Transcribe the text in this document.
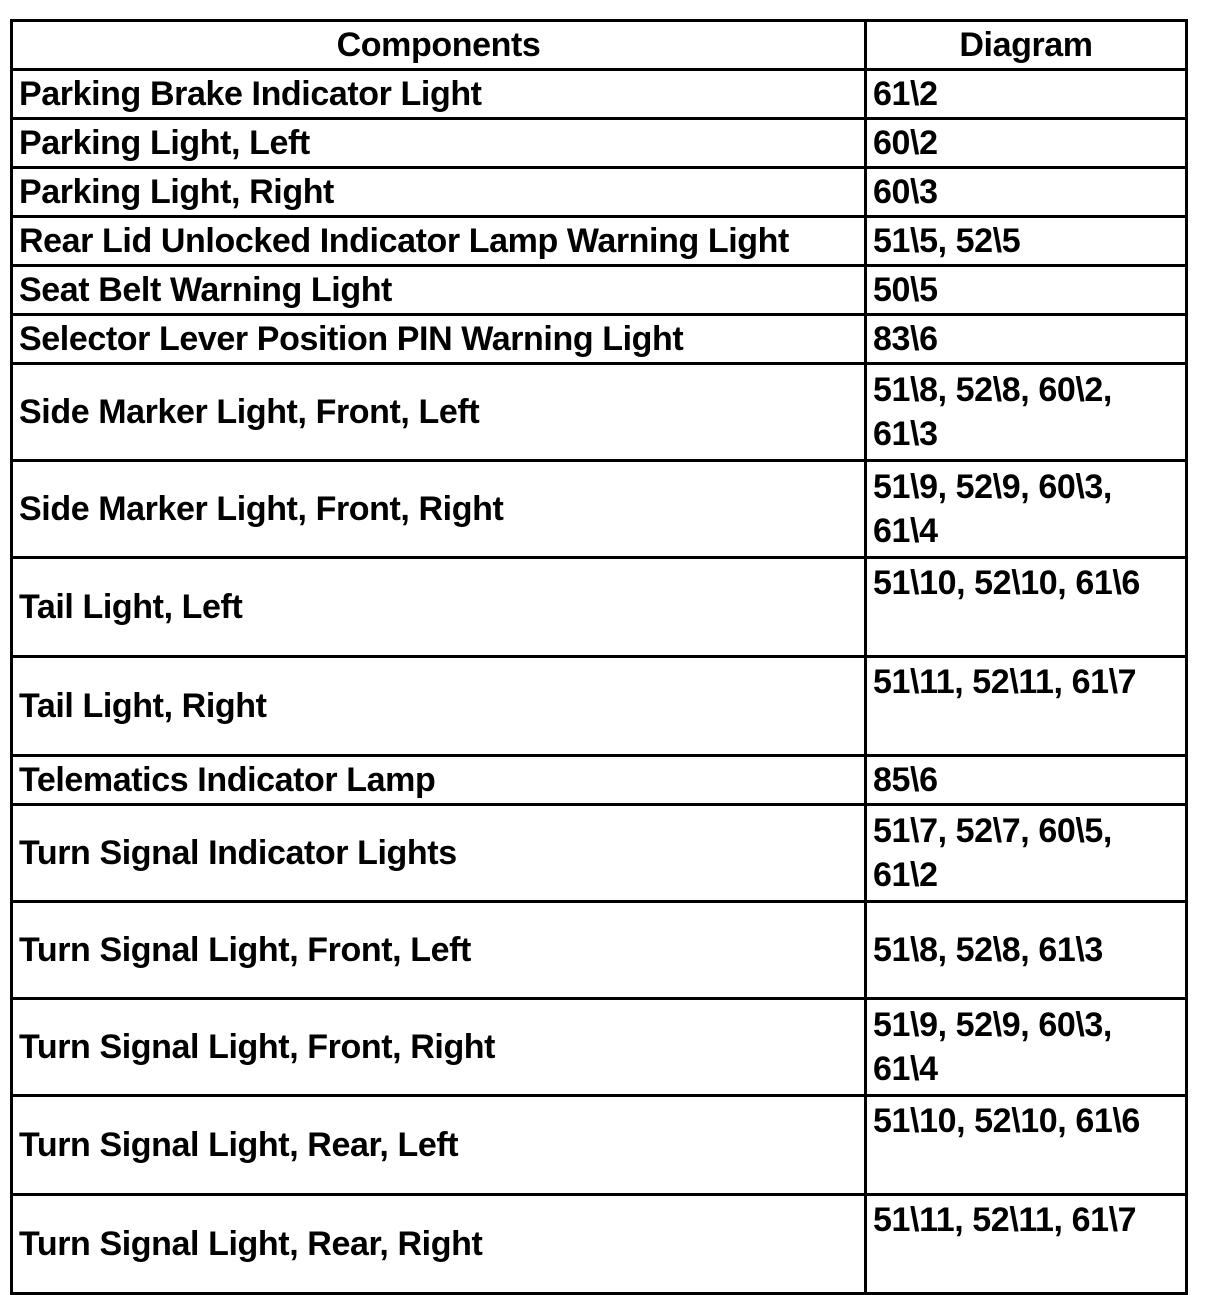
Components	Diagram
Parking Brake Indicator Light	61\2
Parking Light, Left	60\2
Parking Light, Right	60\3
Rear Lid Unlocked Indicator Lamp Warning Light	51\5, 52\5
Seat Belt Warning Light	50\5
Selector Lever Position PIN Warning Light	83\6
Side Marker Light, Front, Left	51\8, 52\8, 60\2, 61\3
Side Marker Light, Front, Right	51\9, 52\9, 60\3, 61\4
Tail Light, Left	51\10, 52\10, 61\6
Tail Light, Right	51\11, 52\11, 61\7
Telematics Indicator Lamp	85\6
Turn Signal Indicator Lights	51\7, 52\7, 60\5, 61\2
Turn Signal Light, Front, Left	51\8, 52\8, 61\3
Turn Signal Light, Front, Right	51\9, 52\9, 60\3, 61\4
Turn Signal Light, Rear, Left	51\10, 52\10, 61\6
Turn Signal Light, Rear, Right	51\11, 52\11, 61\7
